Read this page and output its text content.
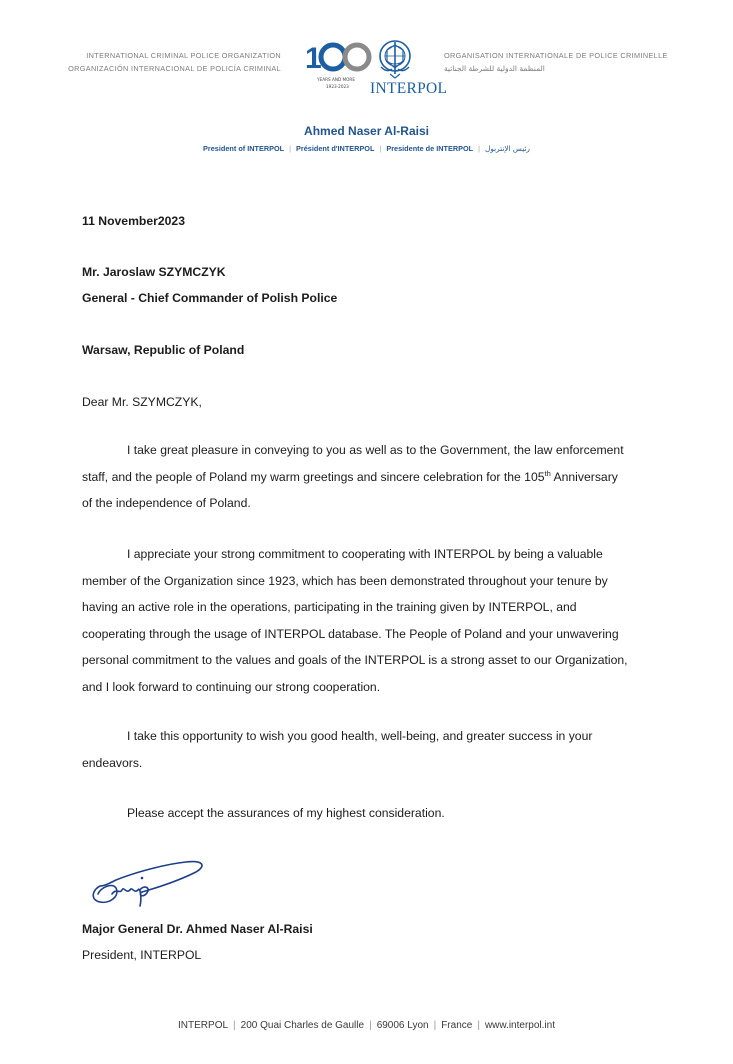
INTERNATIONAL CRIMINAL POLICE ORGANIZATION
ORGANIZACIÓN INTERNACIONAL DE POLICÍA CRIMINAL 1
YEARS AND MORE
1923-2023 INTERPOL
ORGANISATION INTERNATIONALE DE POLICE CRIMINELLE
المنظمة الدولية للشرطة الجنائية
Ahmed Naser Al-Raisi
President of INTERPOL | Président d'INTERPOL | Presidente de INTERPOL | رئيس الإنتربول
11 November2023
Mr. Jaroslaw SZYMCZYK
General - Chief Commander of Polish Police
Warsaw, Republic of Poland
Dear Mr. SZYMCZYK,
I take great pleasure in conveying to you as well as to the Government, the law enforcement
staff, and the people of Poland my warm greetings and sincere celebration for the 105th Anniversary
of the independence of Poland.
I appreciate your strong commitment to cooperating with INTERPOL by being a valuable
member of the Organization since 1923, which has been demonstrated throughout your tenure by
having an active role in the operations, participating in the training given by INTERPOL, and
cooperating through the usage of INTERPOL database. The People of Poland and your unwavering
personal commitment to the values and goals of the INTERPOL is a strong asset to our Organization,
and I look forward to continuing our strong cooperation.
I take this opportunity to wish you good health, well-being, and greater success in your
endeavors.
Please accept the assurances of my highest consideration.
Major General Dr. Ahmed Naser Al-Raisi
President, INTERPOL
INTERPOL | 200 Quai Charles de Gaulle | 69006 Lyon | France | www.interpol.int
